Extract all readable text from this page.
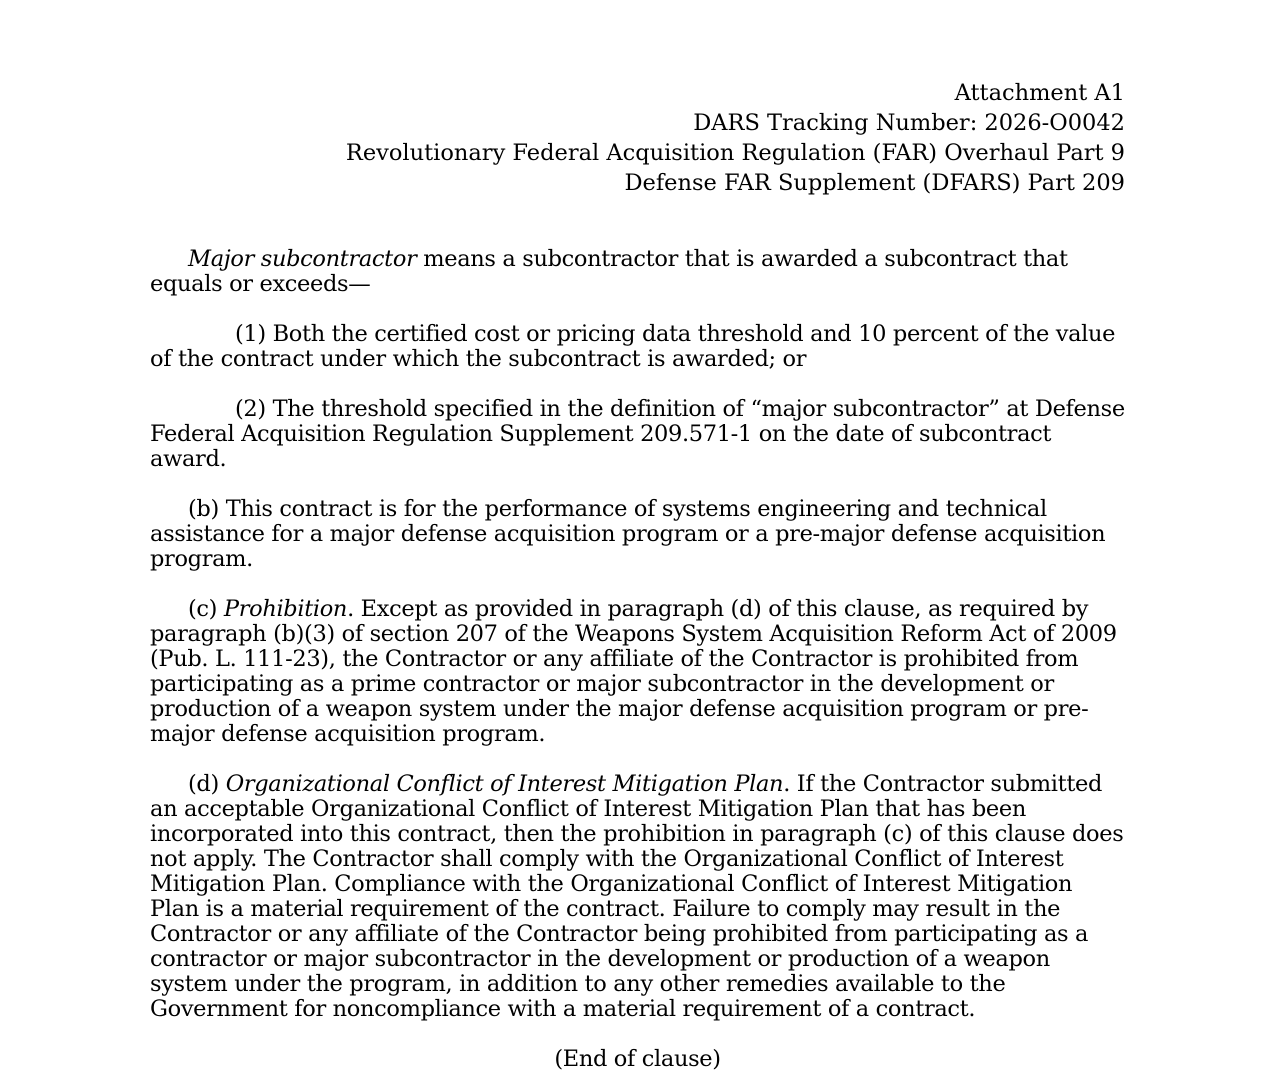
Attachment A1
DARS Tracking Number: 2026-O0042
Revolutionary Federal Acquisition Regulation (FAR) Overhaul Part 9
Defense FAR Supplement (DFARS) Part 209

Major subcontractor means a subcontractor that is awarded a subcontract that equals or exceeds—

(1) Both the certified cost or pricing data threshold and 10 percent of the value of the contract under which the subcontract is awarded; or

(2) The threshold specified in the definition of “major subcontractor” at Defense Federal Acquisition Regulation Supplement 209.571-1 on the date of subcontract award.

(b) This contract is for the performance of systems engineering and technical assistance for a major defense acquisition program or a pre-major defense acquisition program.

(c) Prohibition. Except as provided in paragraph (d) of this clause, as required by paragraph (b)(3) of section 207 of the Weapons System Acquisition Reform Act of 2009 (Pub. L. 111-23), the Contractor or any affiliate of the Contractor is prohibited from participating as a prime contractor or major subcontractor in the development or production of a weapon system under the major defense acquisition program or pre-major defense acquisition program.

(d) Organizational Conflict of Interest Mitigation Plan. If the Contractor submitted an acceptable Organizational Conflict of Interest Mitigation Plan that has been incorporated into this contract, then the prohibition in paragraph (c) of this clause does not apply. The Contractor shall comply with the Organizational Conflict of Interest Mitigation Plan. Compliance with the Organizational Conflict of Interest Mitigation Plan is a material requirement of the contract. Failure to comply may result in the Contractor or any affiliate of the Contractor being prohibited from participating as a contractor or major subcontractor in the development or production of a weapon system under the program, in addition to any other remedies available to the Government for noncompliance with a material requirement of a contract.

(End of clause)
